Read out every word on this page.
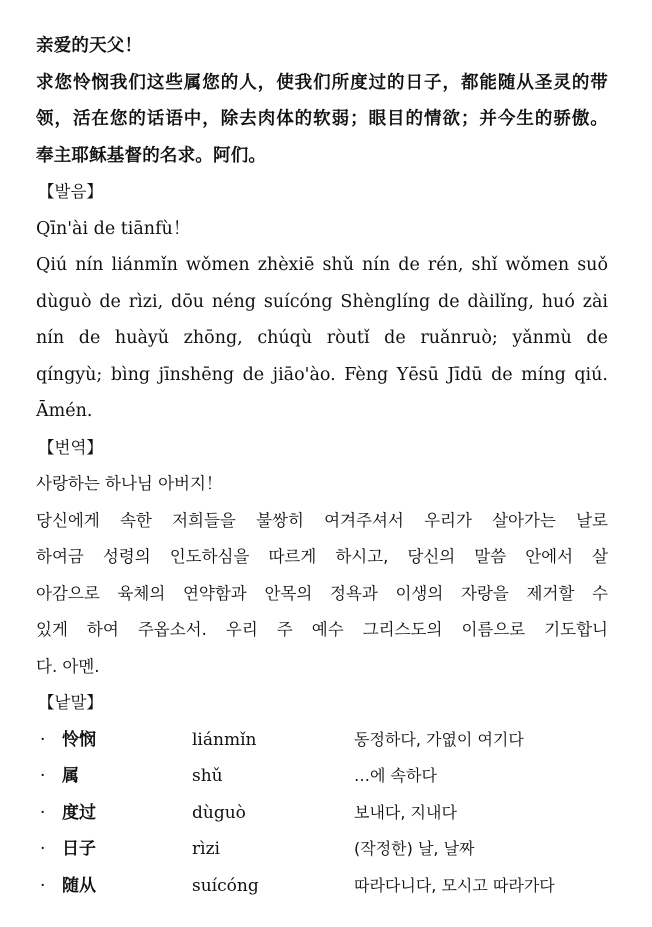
亲爱的天父！
求您怜悯我们这些属您的人，使我们所度过的日子，都能随从圣灵的带
领，活在您的话语中，除去肉体的软弱；眼目的情欲；并今生的骄傲。
奉主耶稣基督的名求。阿们。
【발음】
Qīn'ài de tiānfù！
Qiú nín liánmǐn wǒmen zhèxiē shǔ nín de rén, shǐ wǒmen suǒ
dùguò de rìzi, dōu néng suícóng Shènglíng de dàilǐng, huó zài
nín de huàyǔ zhōng, chúqù ròutǐ de ruǎnruò; yǎnmù de
qíngyù; bìng jīnshēng de jiāo'ào. Fèng Yēsū Jīdū de míng qiú.
Āmén.
【번역】
사랑하는 하나님 아버지！
당신에게 속한 저희들을 불쌍히 여겨주셔서 우리가 살아가는 날로
하여금 성령의 인도하심을 따르게 하시고, 당신의 말씀 안에서 살
아감으로 육체의 연약함과 안목의 정욕과 이생의 자랑을 제거할 수
있게 하여 주옵소서. 우리 주 예수 그리스도의 이름으로 기도합니
다. 아멘.
【낱말】
· 怜悯	liánmǐn	동정하다, 가엾이 여기다
· 属	shǔ	…에 속하다
· 度过	dùguò	보내다, 지내다
· 日子	rìzi	(작정한) 날, 날짜
· 随从	suícóng	따라다니다, 모시고 따라가다
